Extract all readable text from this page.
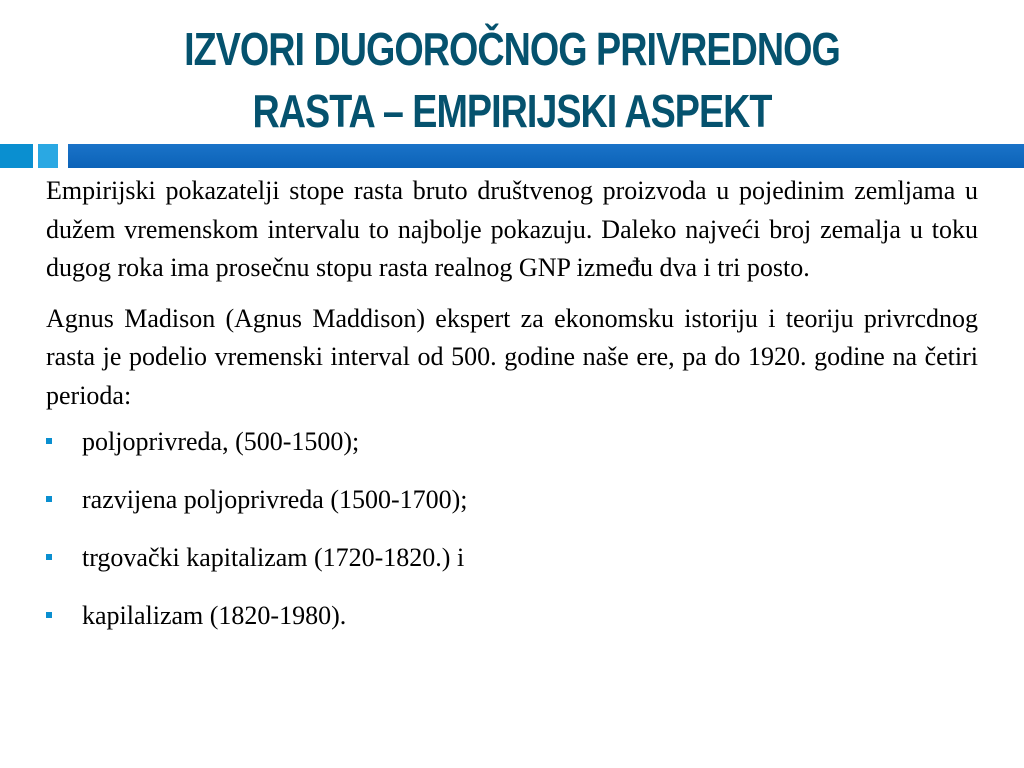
IZVORI DUGOROČNOG PRIVREDNOG
RASTA – EMPIRIJSKI ASPEKT

Empirijski pokazatelji stope rasta bruto društvenog proizvoda u pojedinim zemljama u dužem vremenskom intervalu to najbolje pokazuju. Daleko najveći broj zemalja u toku dugog roka ima prosečnu stopu rasta realnog GNP između dva i tri posto.

Agnus Madison (Agnus Maddison) ekspert za ekonomsku istoriju i teoriju privrcdnog rasta je podelio vremenski interval od 500. godine naše ere, pa do 1920. godine na četiri perioda:

poljoprivreda, (500-1500);
razvijena poljoprivreda (1500-1700);
trgovački kapitalizam (1720-1820.) i
kapilalizam (1820-1980).
